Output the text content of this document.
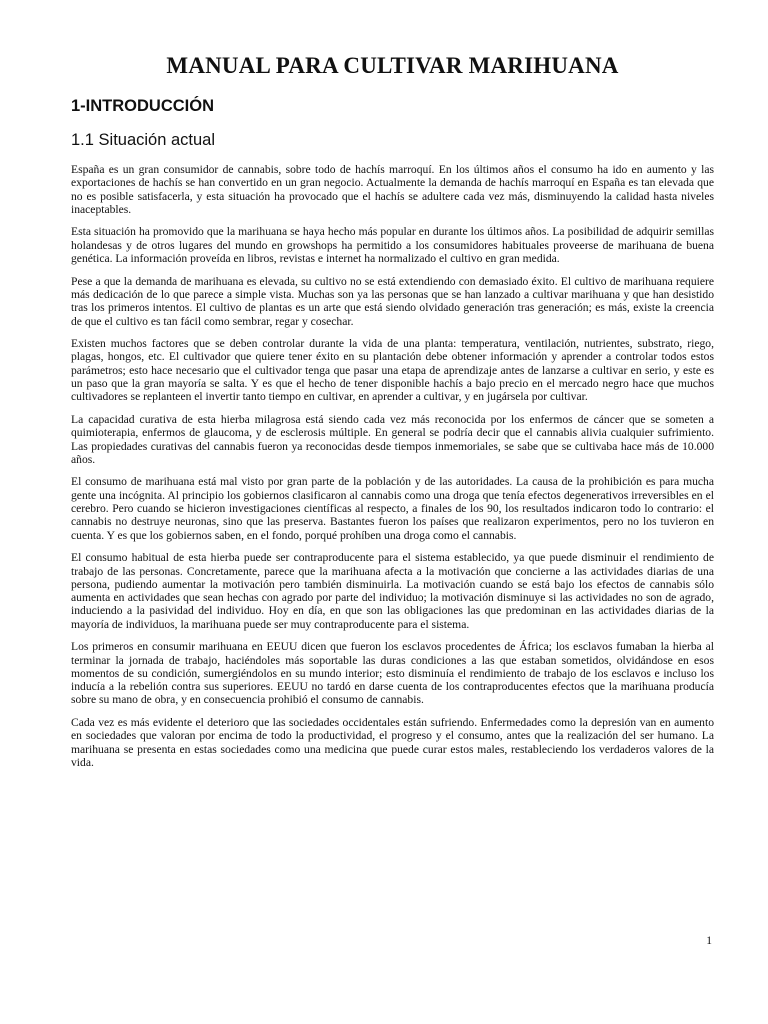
MANUAL PARA CULTIVAR MARIHUANA
1-INTRODUCCIÓN
1.1 Situación actual

España es un gran consumidor de cannabis, sobre todo de hachís marroquí. En los últimos años el consumo ha ido en aumento y las exportaciones de hachís se han convertido en un gran negocio. Actualmente la demanda de hachís marroquí en España es tan elevada que no es posible satisfacerla, y esta situación ha provocado que el hachís se adultere cada vez más, disminuyendo la calidad hasta niveles inaceptables.

Esta situación ha promovido que la marihuana se haya hecho más popular en durante los últimos años. La posibilidad de adquirir semillas holandesas y de otros lugares del mundo en growshops ha permitido a los consumidores habituales proveerse de marihuana de buena genética. La información proveída en libros, revistas e internet ha normalizado el cultivo en gran medida.

Pese a que la demanda de marihuana es elevada, su cultivo no se está extendiendo con demasiado éxito. El cultivo de marihuana requiere más dedicación de lo que parece a simple vista. Muchas son ya las personas que se han lanzado a cultivar marihuana y que han desistido tras los primeros intentos. El cultivo de plantas es un arte que está siendo olvidado generación tras generación; es más, existe la creencia de que el cultivo es tan fácil como sembrar, regar y cosechar.

Existen muchos factores que se deben controlar durante la vida de una planta: temperatura, ventilación, nutrientes, substrato, riego, plagas, hongos, etc. El cultivador que quiere tener éxito en su plantación debe obtener información y aprender a controlar todos estos parámetros; esto hace necesario que el cultivador tenga que pasar una etapa de aprendizaje antes de lanzarse a cultivar en serio, y este es un paso que la gran mayoría se salta. Y es que el hecho de tener disponible hachís a bajo precio en el mercado negro hace que muchos cultivadores se replanteen el invertir tanto tiempo en cultivar, en aprender a cultivar, y en jugársela por cultivar.

La capacidad curativa de esta hierba milagrosa está siendo cada vez más reconocida por los enfermos de cáncer que se someten a quimioterapia, enfermos de glaucoma, y de esclerosis múltiple. En general se podría decir que el cannabis alivia cualquier sufrimiento. Las propiedades curativas del cannabis fueron ya reconocidas desde tiempos inmemoriales, se sabe que se cultivaba hace más de 10.000 años.

El consumo de marihuana está mal visto por gran parte de la población y de las autoridades. La causa de la prohibición es para mucha gente una incógnita. Al principio los gobiernos clasificaron al cannabis como una droga que tenía efectos degenerativos irreversibles en el cerebro. Pero cuando se hicieron investigaciones científicas al respecto, a finales de los 90, los resultados indicaron todo lo contrario: el cannabis no destruye neuronas, sino que las preserva. Bastantes fueron los países que realizaron experimentos, pero no los tuvieron en cuenta. Y es que los gobiernos saben, en el fondo, porqué prohíben una droga como el cannabis.

El consumo habitual de esta hierba puede ser contraproducente para el sistema establecido, ya que puede disminuir el rendimiento de trabajo de las personas. Concretamente, parece que la marihuana afecta a la motivación que concierne a las actividades diarias de una persona, pudiendo aumentar la motivación pero también disminuirla. La motivación cuando se está bajo los efectos de cannabis sólo aumenta en actividades que sean hechas con agrado por parte del individuo; la motivación disminuye si las actividades no son de agrado, induciendo a la pasividad del individuo. Hoy en día, en que son las obligaciones las que predominan en las actividades diarias de la mayoría de individuos, la marihuana puede ser muy contraproducente para el sistema.

Los primeros en consumir marihuana en EEUU dicen que fueron los esclavos procedentes de África; los esclavos fumaban la hierba al terminar la jornada de trabajo, haciéndoles más soportable las duras condiciones a las que estaban sometidos, olvidándose en esos momentos de su condición, sumergiéndolos en su mundo interior; esto disminuía el rendimiento de trabajo de los esclavos e incluso los inducía a la rebelión contra sus superiores. EEUU no tardó en darse cuenta de los contraproducentes efectos que la marihuana producía sobre su mano de obra, y en consecuencia prohibió el consumo de cannabis.

Cada vez es más evidente el deterioro que las sociedades occidentales están sufriendo. Enfermedades como la depresión van en aumento en sociedades que valoran por encima de todo la productividad, el progreso y el consumo, antes que la realización del ser humano. La marihuana se presenta en estas sociedades como una medicina que puede curar estos males, restableciendo los verdaderos valores de la vida.

1
